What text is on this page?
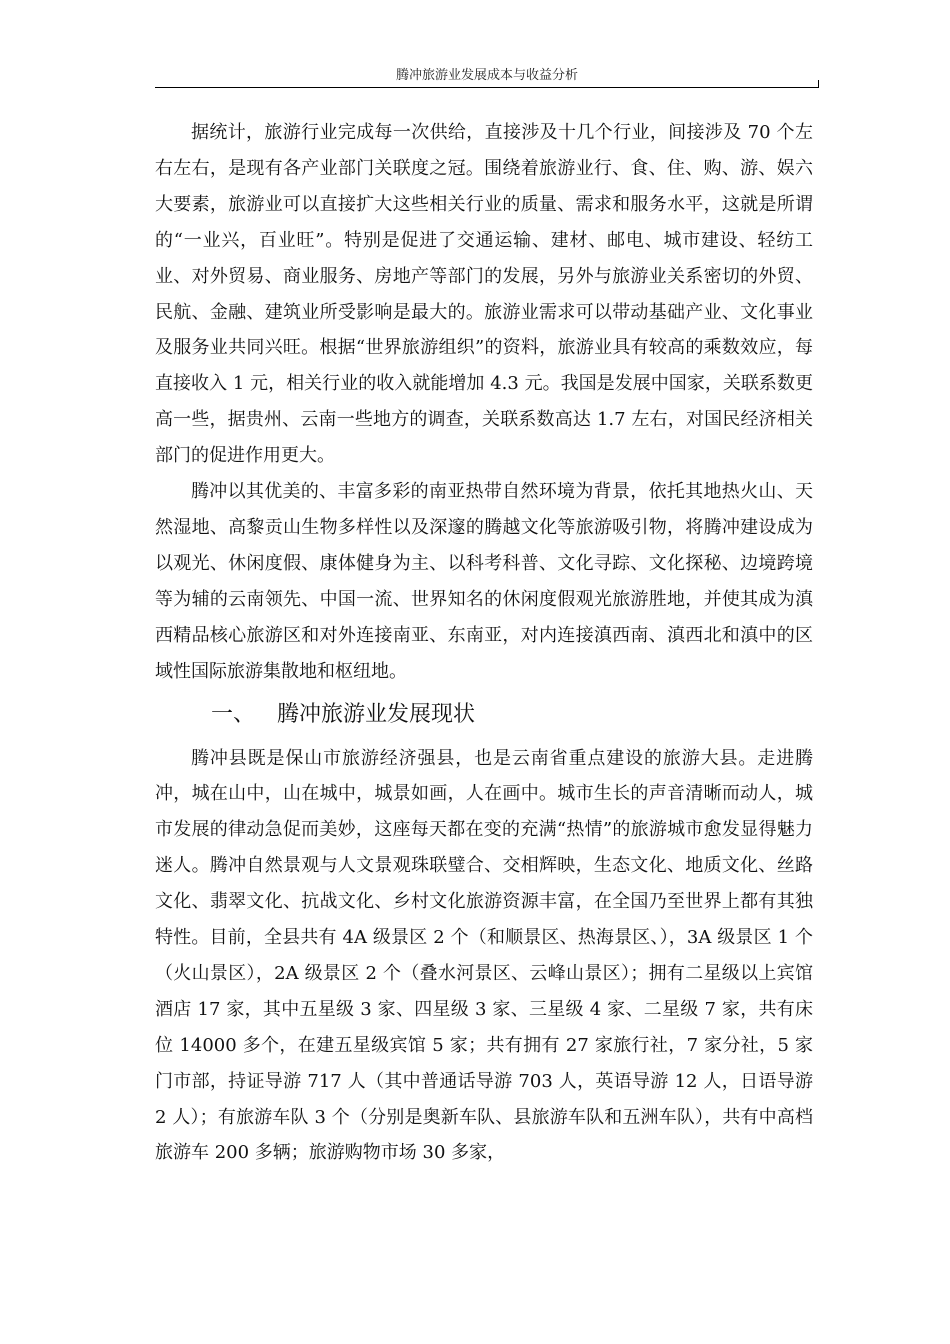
腾冲旅游业发展成本与收益分析

据统计，旅游行业完成每一次供给，直接涉及十几个行业，间接涉及 70 个左右左右，是现有各产业部门关联度之冠。围绕着旅游业行、食、住、购、游、娱六大要素，旅游业可以直接扩大这些相关行业的质量、需求和服务水平，这就是所谓的“一业兴，百业旺”。特别是促进了交通运输、建材、邮电、城市建设、轻纺工业、对外贸易、商业服务、房地产等部门的发展，另外与旅游业关系密切的外贸、民航、金融、建筑业所受影响是最大的。旅游业需求可以带动基础产业、文化事业及服务业共同兴旺。根据“世界旅游组织”的资料，旅游业具有较高的乘数效应，每直接收入 1 元，相关行业的收入就能增加 4.3 元。我国是发展中国家，关联系数更高一些，据贵州、云南一些地方的调查，关联系数高达 1.7 左右，对国民经济相关部门的促进作用更大。

腾冲以其优美的、丰富多彩的南亚热带自然环境为背景，依托其地热火山、天然湿地、高黎贡山生物多样性以及深邃的腾越文化等旅游吸引物，将腾冲建设成为以观光、休闲度假、康体健身为主、以科考科普、文化寻踪、文化探秘、边境跨境等为辅的云南领先、中国一流、世界知名的休闲度假观光旅游胜地，并使其成为滇西精品核心旅游区和对外连接南亚、东南亚，对内连接滇西南、滇西北和滇中的区域性国际旅游集散地和枢纽地。

一、 腾冲旅游业发展现状

腾冲县既是保山市旅游经济强县，也是云南省重点建设的旅游大县。走进腾冲，城在山中，山在城中，城景如画，人在画中。城市生长的声音清晰而动人，城市发展的律动急促而美妙，这座每天都在变的充满“热情”的旅游城市愈发显得魅力迷人。腾冲自然景观与人文景观珠联璧合、交相辉映，生态文化、地质文化、丝路文化、翡翠文化、抗战文化、乡村文化旅游资源丰富，在全国乃至世界上都有其独特性。目前，全县共有 4A 级景区 2 个（和顺景区、热海景区、），3A 级景区 1 个（火山景区），2A 级景区 2 个（叠水河景区、云峰山景区）；拥有二星级以上宾馆酒店 17 家，其中五星级 3 家、四星级 3 家、三星级 4 家、二星级 7 家，共有床位 14000 多个，在建五星级宾馆 5 家；共有拥有 27 家旅行社，7 家分社，5 家门市部，持证导游 717 人（其中普通话导游 703 人，英语导游 12 人，日语导游 2 人）；有旅游车队 3 个（分别是奥新车队、县旅游车队和五洲车队），共有中高档旅游车 200 多辆；旅游购物市场 30 多家，
